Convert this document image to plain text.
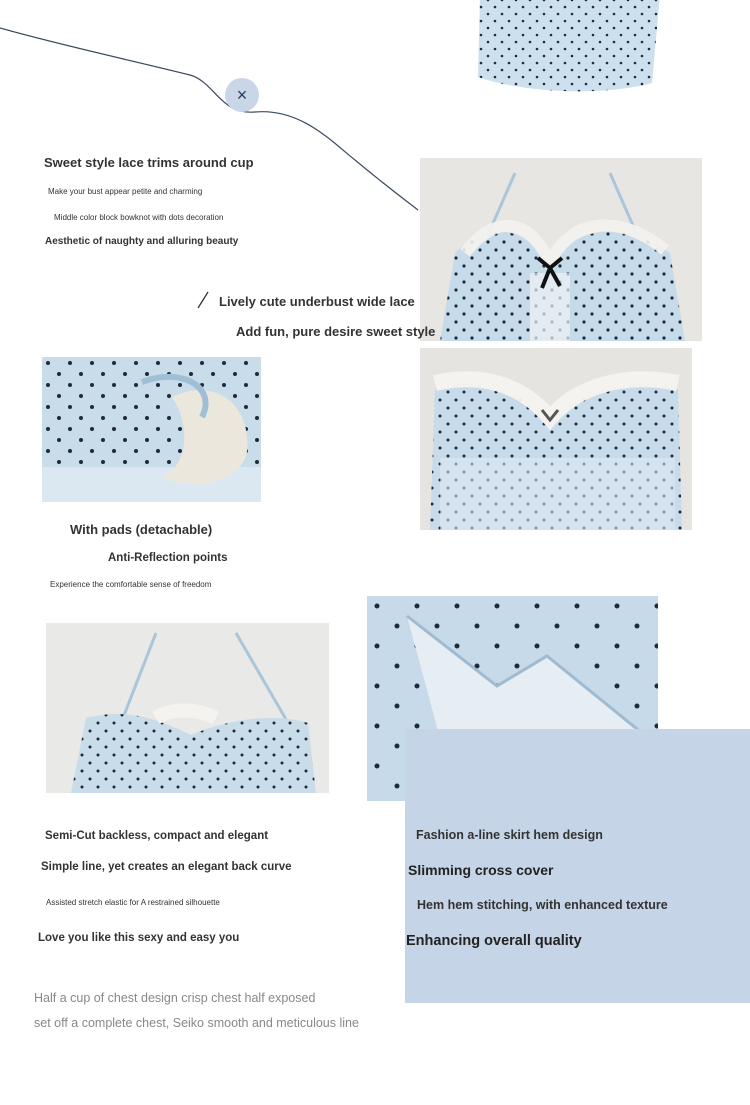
×
Sweet style lace trims around cup
Make your bust appear petite and charming
Middle color block bowknot with dots decoration
Aesthetic of naughty and alluring beauty
Lively cute underbust wide lace
Add fun, pure desire sweet style
With pads (detachable)
Anti-Reflection points
Experience the comfortable sense of freedom
Semi-Cut backless, compact and elegant
Simple line, yet creates an elegant back curve
Assisted stretch elastic for A restrained silhouette
Love you like this sexy and easy you
Fashion a-line skirt hem design
Slimming cross cover
Hem hem stitching, with enhanced texture
Enhancing overall quality
Half a cup of chest design crisp chest half exposed
set off a complete chest, Seiko smooth and meticulous line
